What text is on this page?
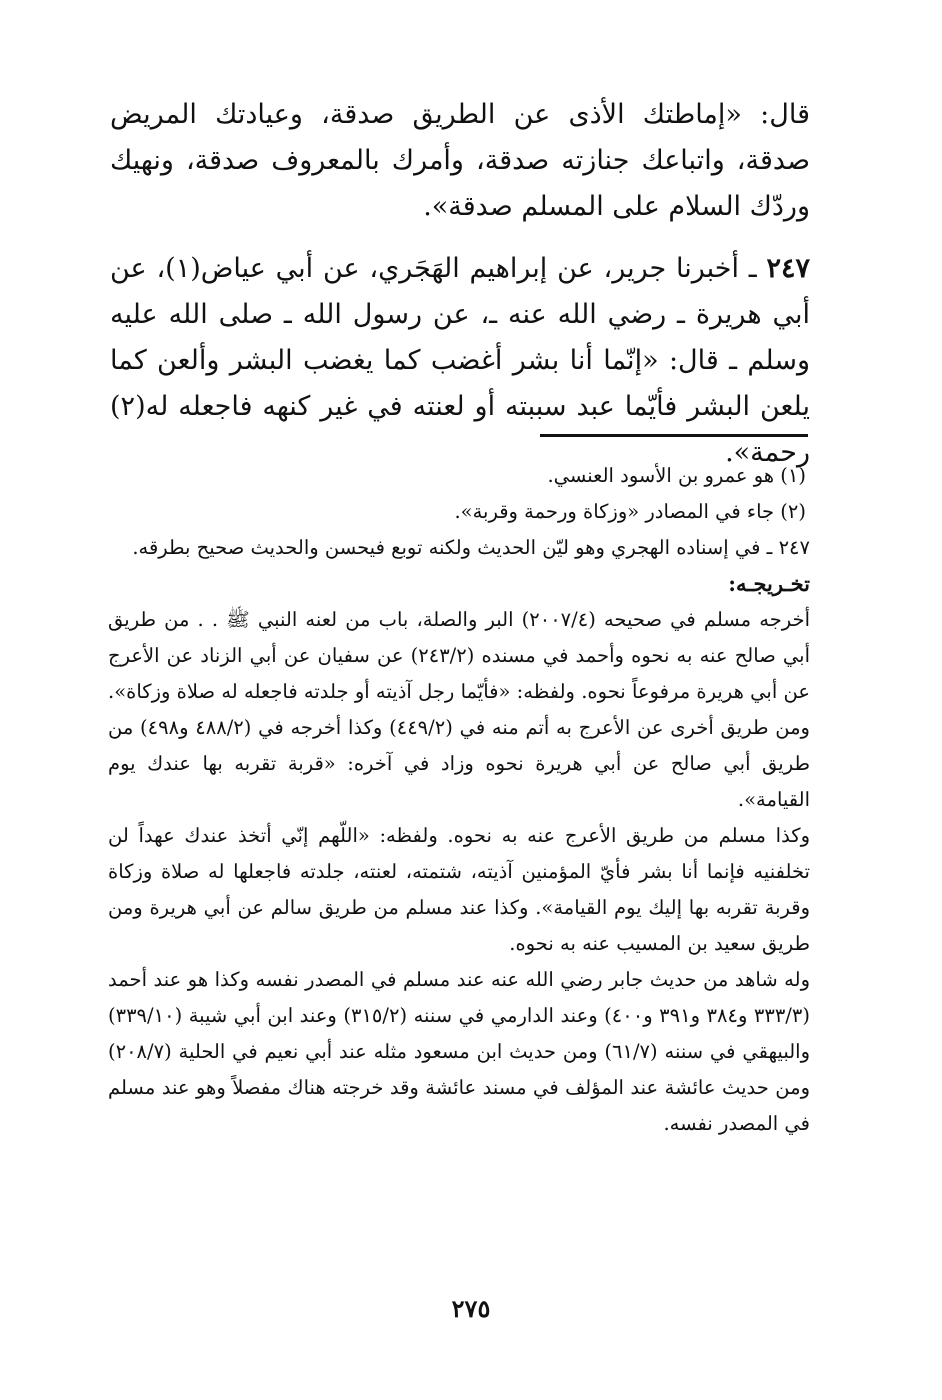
قال: «إماطتك الأذى عن الطريق صدقة، وعيادتك المريض صدقة، واتباعك جنازته صدقة، وأمرك بالمعروف صدقة، ونهيك وردّك السلام على المسلم صدقة».

٢٤٧ ـ أخبرنا جرير، عن إبراهيم الهَجَري، عن أبي عياض(١)، عن أبي هريرة ـ رضي الله عنه ـ، عن رسول الله ـ صلى الله عليه وسلم ـ قال: «إنّما أنا بشر أغضب كما يغضب البشر وألعن كما يلعن البشر فأيّما عبد سببته أو لعنته في غير كنهه فاجعله له(٢) رحمة».

(١) هو عمرو بن الأسود العنسي.

(٢) جاء في المصادر «وزكاة ورحمة وقربة».

٢٤٧ ـ في إسناده الهجري وهو ليّن الحديث ولكنه توبع فيحسن والحديث صحيح بطرقه.

تخـريجـه:

أخرجه مسلم في صحيحه (٢٠٠٧/٤) البر والصلة، باب من لعنه النبي ﷺ . . من طريق أبي صالح عنه به نحوه وأحمد في مسنده (٢٤٣/٢) عن سفيان عن أبي الزناد عن الأعرج عن أبي هريرة مرفوعاً نحوه. ولفظه: «فأيّما رجل آذيته أو جلدته فاجعله له صلاة وزكاة». ومن طريق أخرى عن الأعرج به أتم منه في (٤٤٩/٢) وكذا أخرجه في (٤٨٨/٢ و٤٩٨) من طريق أبي صالح عن أبي هريرة نحوه وزاد في آخره: «قربة تقربه بها عندك يوم القيامة».

وكذا مسلم من طريق الأعرج عنه به نحوه. ولفظه: «اللّهم إنّي أتخذ عندك عهداً لن تخلفنيه فإنما أنا بشر فأيّ المؤمنين آذيته، شتمته، لعنته، جلدته فاجعلها له صلاة وزكاة وقربة تقربه بها إليك يوم القيامة». وكذا عند مسلم من طريق سالم عن أبي هريرة ومن طريق سعيد بن المسيب عنه به نحوه.

وله شاهد من حديث جابر رضي الله عنه عند مسلم في المصدر نفسه وكذا هو عند أحمد (٣٣٣/٣ و٣٨٤ و٣٩١ و٤٠٠) وعند الدارمي في سننه (٣١٥/٢) وعند ابن أبي شيبة (٣٣٩/١٠) والبيهقي في سننه (٦١/٧) ومن حديث ابن مسعود مثله عند أبي نعيم في الحلية (٢٠٨/٧) ومن حديث عائشة عند المؤلف في مسند عائشة وقد خرجته هناك مفصلاً وهو عند مسلم في المصدر نفسه.

٢٧٥
